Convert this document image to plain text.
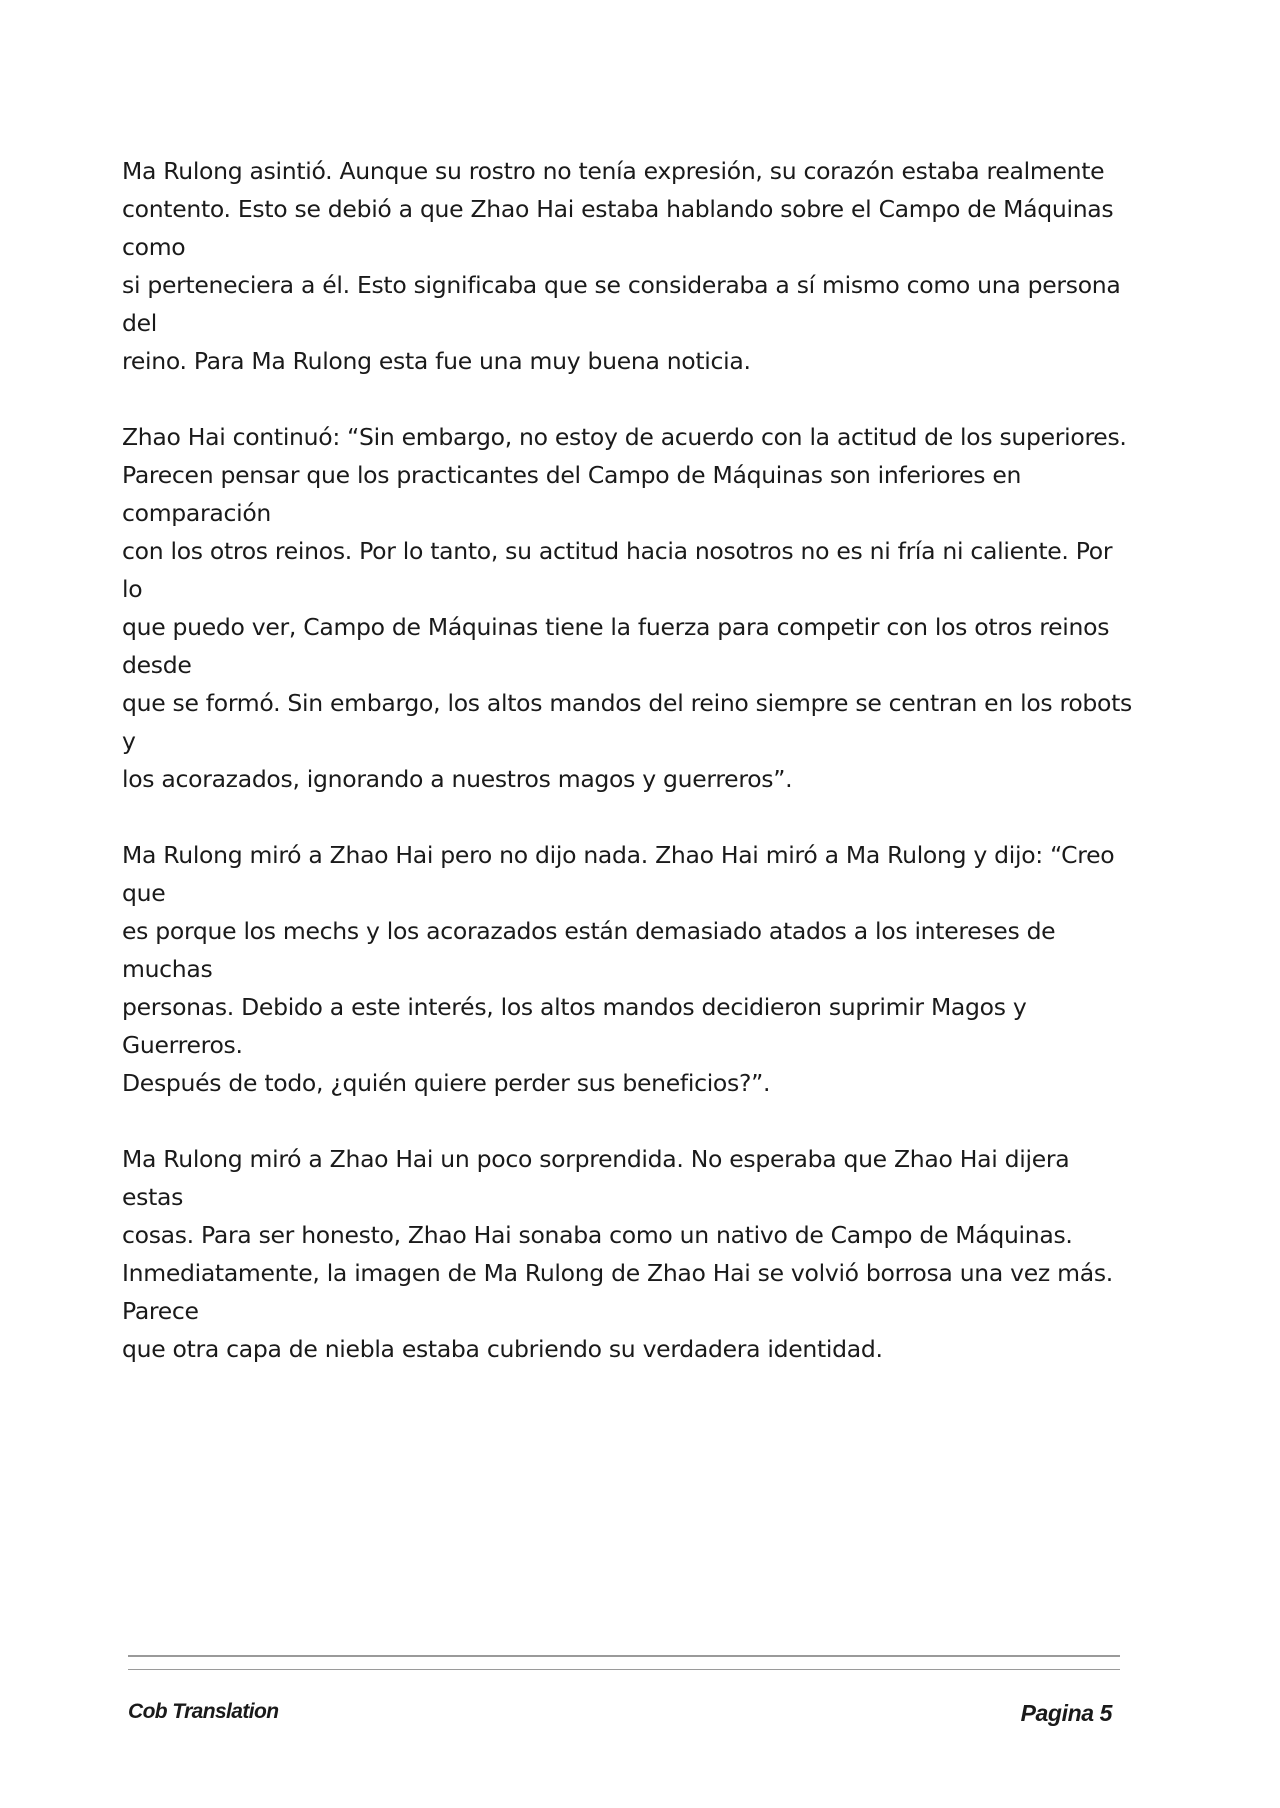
Ma Rulong asintió. Aunque su rostro no tenía expresión, su corazón estaba realmente
contento. Esto se debió a que Zhao Hai estaba hablando sobre el Campo de Máquinas como
si perteneciera a él. Esto significaba que se consideraba a sí mismo como una persona del
reino. Para Ma Rulong esta fue una muy buena noticia.

Zhao Hai continuó: “Sin embargo, no estoy de acuerdo con la actitud de los superiores.
Parecen pensar que los practicantes del Campo de Máquinas son inferiores en comparación
con los otros reinos. Por lo tanto, su actitud hacia nosotros no es ni fría ni caliente. Por lo
que puedo ver, Campo de Máquinas tiene la fuerza para competir con los otros reinos desde
que se formó. Sin embargo, los altos mandos del reino siempre se centran en los robots y
los acorazados, ignorando a nuestros magos y guerreros”.

Ma Rulong miró a Zhao Hai pero no dijo nada. Zhao Hai miró a Ma Rulong y dijo: “Creo que
es porque los mechs y los acorazados están demasiado atados a los intereses de muchas
personas. Debido a este interés, los altos mandos decidieron suprimir Magos y Guerreros.
Después de todo, ¿quién quiere perder sus beneficios?”.

Ma Rulong miró a Zhao Hai un poco sorprendida. No esperaba que Zhao Hai dijera estas
cosas. Para ser honesto, Zhao Hai sonaba como un nativo de Campo de Máquinas.
Inmediatamente, la imagen de Ma Rulong de Zhao Hai se volvió borrosa una vez más. Parece
que otra capa de niebla estaba cubriendo su verdadera identidad.

Cob Translation	Pagina 5
